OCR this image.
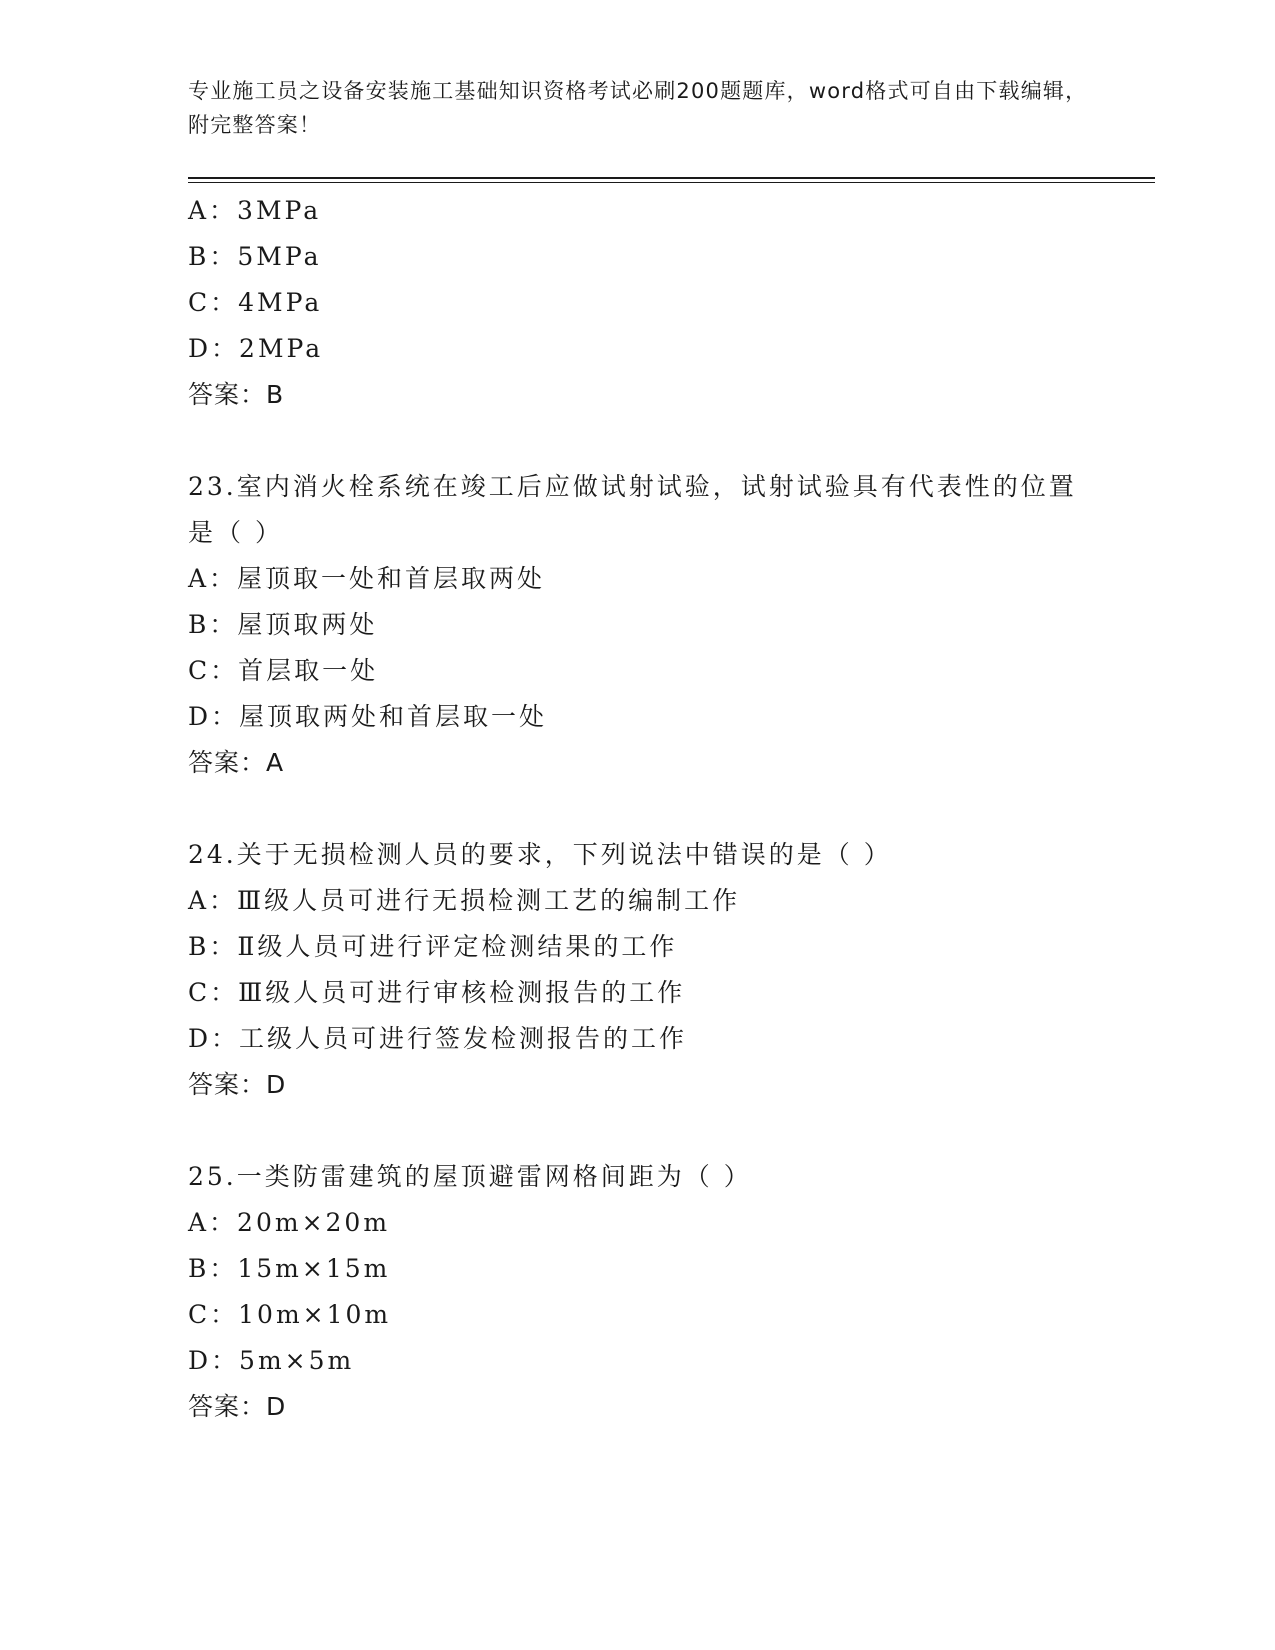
专业施工员之设备安装施工基础知识资格考试必刷200题题库，word格式可自由下载编辑，附完整答案！
A：3MPa
B：5MPa
C：4MPa
D：2MPa
答案：B
23.室内消火栓系统在竣工后应做试射试验，试射试验具有代表性的位置是（ ）
A：屋顶取一处和首层取两处
B：屋顶取两处
C：首层取一处
D：屋顶取两处和首层取一处
答案：A
24.关于无损检测人员的要求，下列说法中错误的是（ ）
A：Ⅲ级人员可进行无损检测工艺的编制工作
B：Ⅱ级人员可进行评定检测结果的工作
C：Ⅲ级人员可进行审核检测报告的工作
D：工级人员可进行签发检测报告的工作
答案：D
25.一类防雷建筑的屋顶避雷网格间距为（ ）
A：20m×20m
B：15m×15m
C：10m×10m
D：5m×5m
答案：D
